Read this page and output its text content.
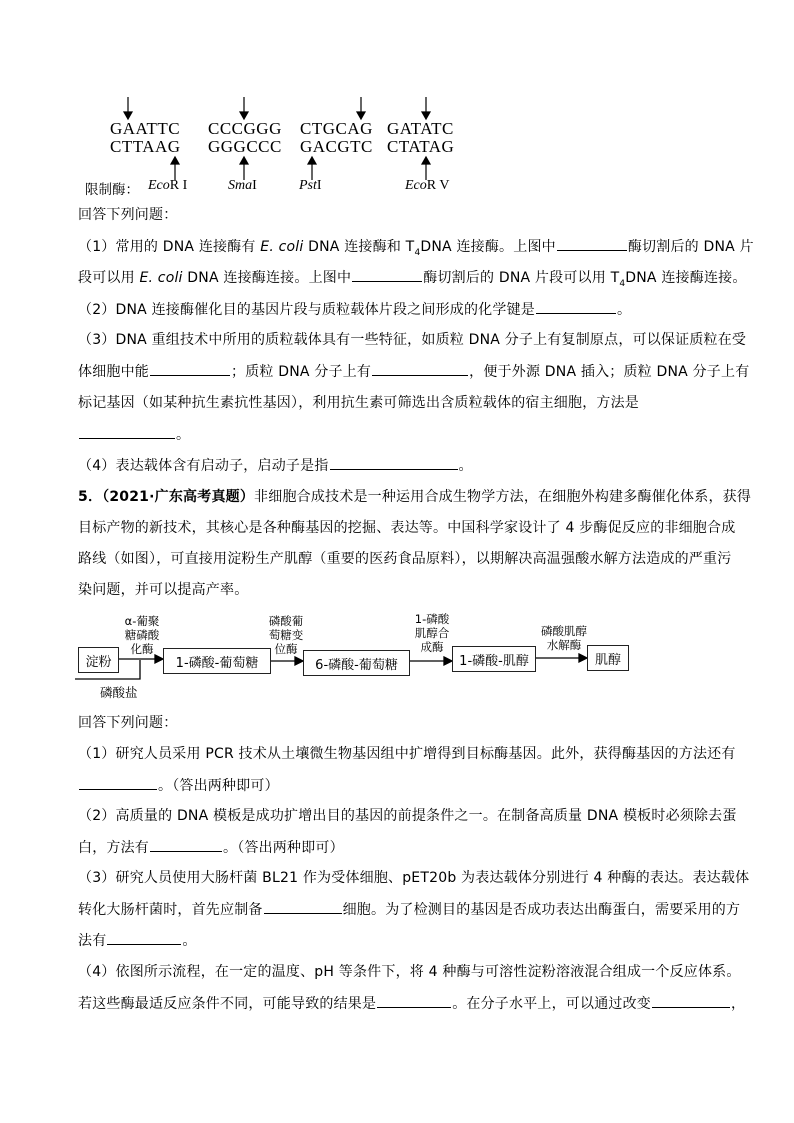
GAATTC CCCGGG CTGCAG GATATC
CTTAAG GGGCCC GACGTC CTATAG
限制酶： EcoR I	SmaI	PstI	EcoR V
回答下列问题：
（1）常用的 DNA 连接酶有 E. coli DNA 连接酶和 $T_4DNA$ 连接酶。上图中	酶切割后的 DNA 片
段可以用 E. coli DNA 连接酶连接。上图中	酶切割后的 DNA 片段可以用 $T_4DNA$ 连接酶连接。
（2）DNA 连接酶催化目的基因片段与质粒载体片段之间形成的化学键是	。
（3）DNA 重组技术中所用的质粒载体具有一些特征，如质粒 DNA 分子上有复制原点，可以保证质粒在受
体细胞中能	；质粒 DNA 分子上有	，便于外源 DNA 插入；质粒 DNA 分子上有
标记基因（如某种抗生素抗性基因），利用抗生素可筛选出含质粒载体的宿主细胞，方法是
。
（4）表达载体含有启动子，启动子是指	。
5．（2021·广东高考真题）非细胞合成技术是一种运用合成生物学方法，在细胞外构建多酶催化体系，获得
目标产物的新技术，其核心是各种酶基因的挖掘、表达等。中国科学家设计了 4 步酶促反应的非细胞合成
路线（如图），可直接用淀粉生产肌醇（重要的医药食品原料），以期解决高温强酸水解方法造成的严重污
染问题，并可以提高产率。
淀粉	1-磷酸-葡萄糖	6-磷酸-葡萄糖	1-磷酸-肌醇	肌醇
α-葡聚
糖磷酸
化酶
磷酸葡
萄糖变
位酶
1-磷酸
肌醇合
成酶
磷酸肌醇
水解酶
磷酸盐
回答下列问题：
（1）研究人员采用 PCR 技术从土壤微生物基因组中扩增得到目标酶基因。此外，获得酶基因的方法还有
。（答出两种即可）
（2）高质量的 DNA 模板是成功扩增出目的基因的前提条件之一。在制备高质量 DNA 模板时必须除去蛋
白，方法有	。（答出两种即可）
（3）研究人员使用大肠杆菌 BL21 作为受体细胞、pET20b 为表达载体分别进行 4 种酶的表达。表达载体
转化大肠杆菌时，首先应制备	细胞。为了检测目的基因是否成功表达出酶蛋白，需要采用的方
法有	。
（4）依图所示流程，在一定的温度、pH 等条件下，将 4 种酶与可溶性淀粉溶液混合组成一个反应体系。
若这些酶最适反应条件不同，可能导致的结果是	。在分子水平上，可以通过改变	，
